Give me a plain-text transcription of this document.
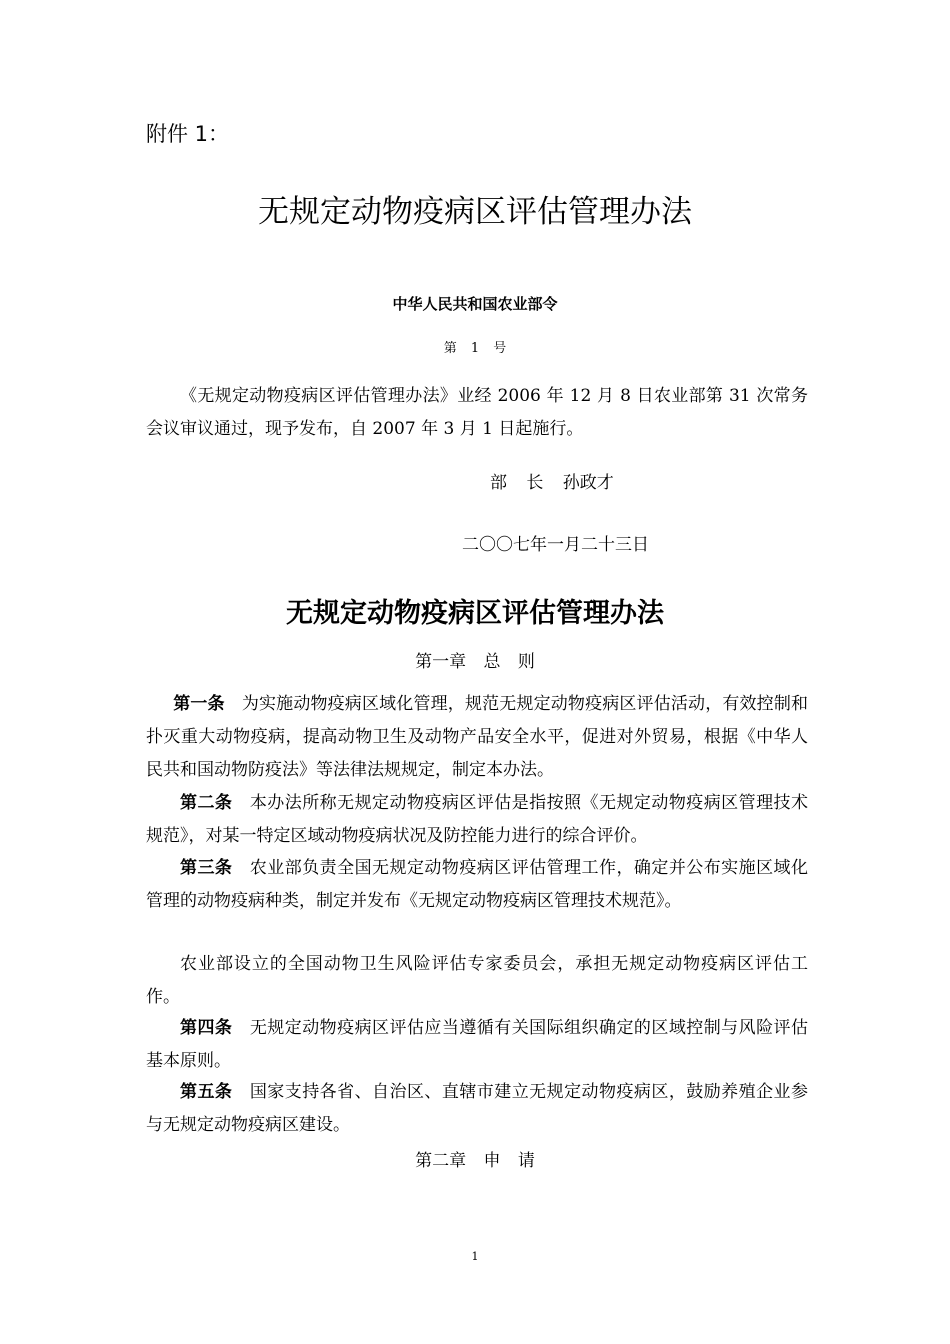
附件 1：
无规定动物疫病区评估管理办法
中华人民共和国农业部令
第 1 号
《无规定动物疫病区评估管理办法》业经 2006 年 12 月 8 日农业部第 31 次常务会议审议通过，现予发布，自 2007 年 3 月 1 日起施行。
部 长 孙政才
二〇〇七年一月二十三日
无规定动物疫病区评估管理办法
第一章 总 则
第一条　 为实施动物疫病区域化管理，规范无规定动物疫病区评估活动，有效控制和扑灭重大动物疫病，提高动物卫生及动物产品安全水平，促进对外贸易，根据《中华人民共和国动物防疫法》等法律法规规定，制定本办法。
第二条　 本办法所称无规定动物疫病区评估是指按照《无规定动物疫病区管理技术规范》，对某一特定区域动物疫病状况及防控能力进行的综合评价。
第三条　 农业部负责全国无规定动物疫病区评估管理工作，确定并公布实施区域化管理的动物疫病种类，制定并发布《无规定动物疫病区管理技术规范》。
农业部设立的全国动物卫生风险评估专家委员会，承担无规定动物疫病区评估工作。
第四条　 无规定动物疫病区评估应当遵循有关国际组织确定的区域控制与风险评估基本原则。
第五条　 国家支持各省、自治区、直辖市建立无规定动物疫病区，鼓励养殖企业参与无规定动物疫病区建设。
第二章 申 请
1
